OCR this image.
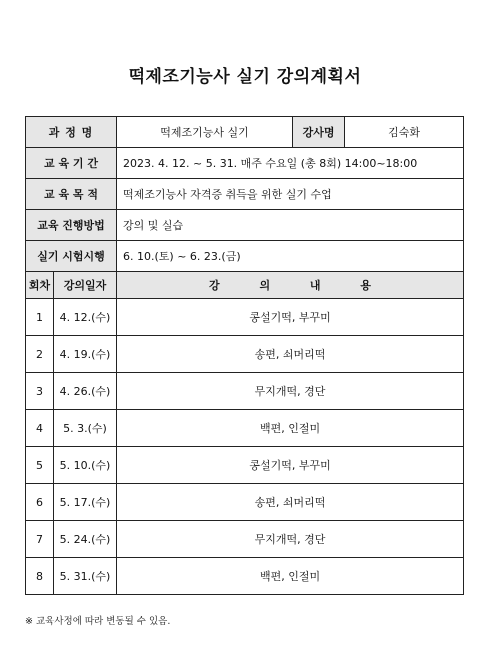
떡제조기능사 실기 강의계획서
과 정 명		떡제조기능사 실기	강사명	김숙화
교 육 기 간		2023. 4. 12. ~ 5. 31. 매주 수요일 (총 8회) 14:00~18:00		
교 육 목 적		떡제조기능사 자격증 취득을 위한 실기 수업		
교육 진행방법		강의 및 실습		
실기 시험시행		6. 10.(토) ~ 6. 23.(금)		
회차	강의일자	강 의 내 용		
1	4. 12.(수)	콩설기떡, 부꾸미		
2	4. 19.(수)	송편, 쇠머리떡		
3	4. 26.(수)	무지개떡, 경단		
4	5. 3.(수)	백편, 인절미		
5	5. 10.(수)	콩설기떡, 부꾸미		
6	5. 17.(수)	송편, 쇠머리떡		
7	5. 24.(수)	무지개떡, 경단		
8	5. 31.(수)	백편, 인절미		
※ 교육사정에 따라 변동될 수 있음.
